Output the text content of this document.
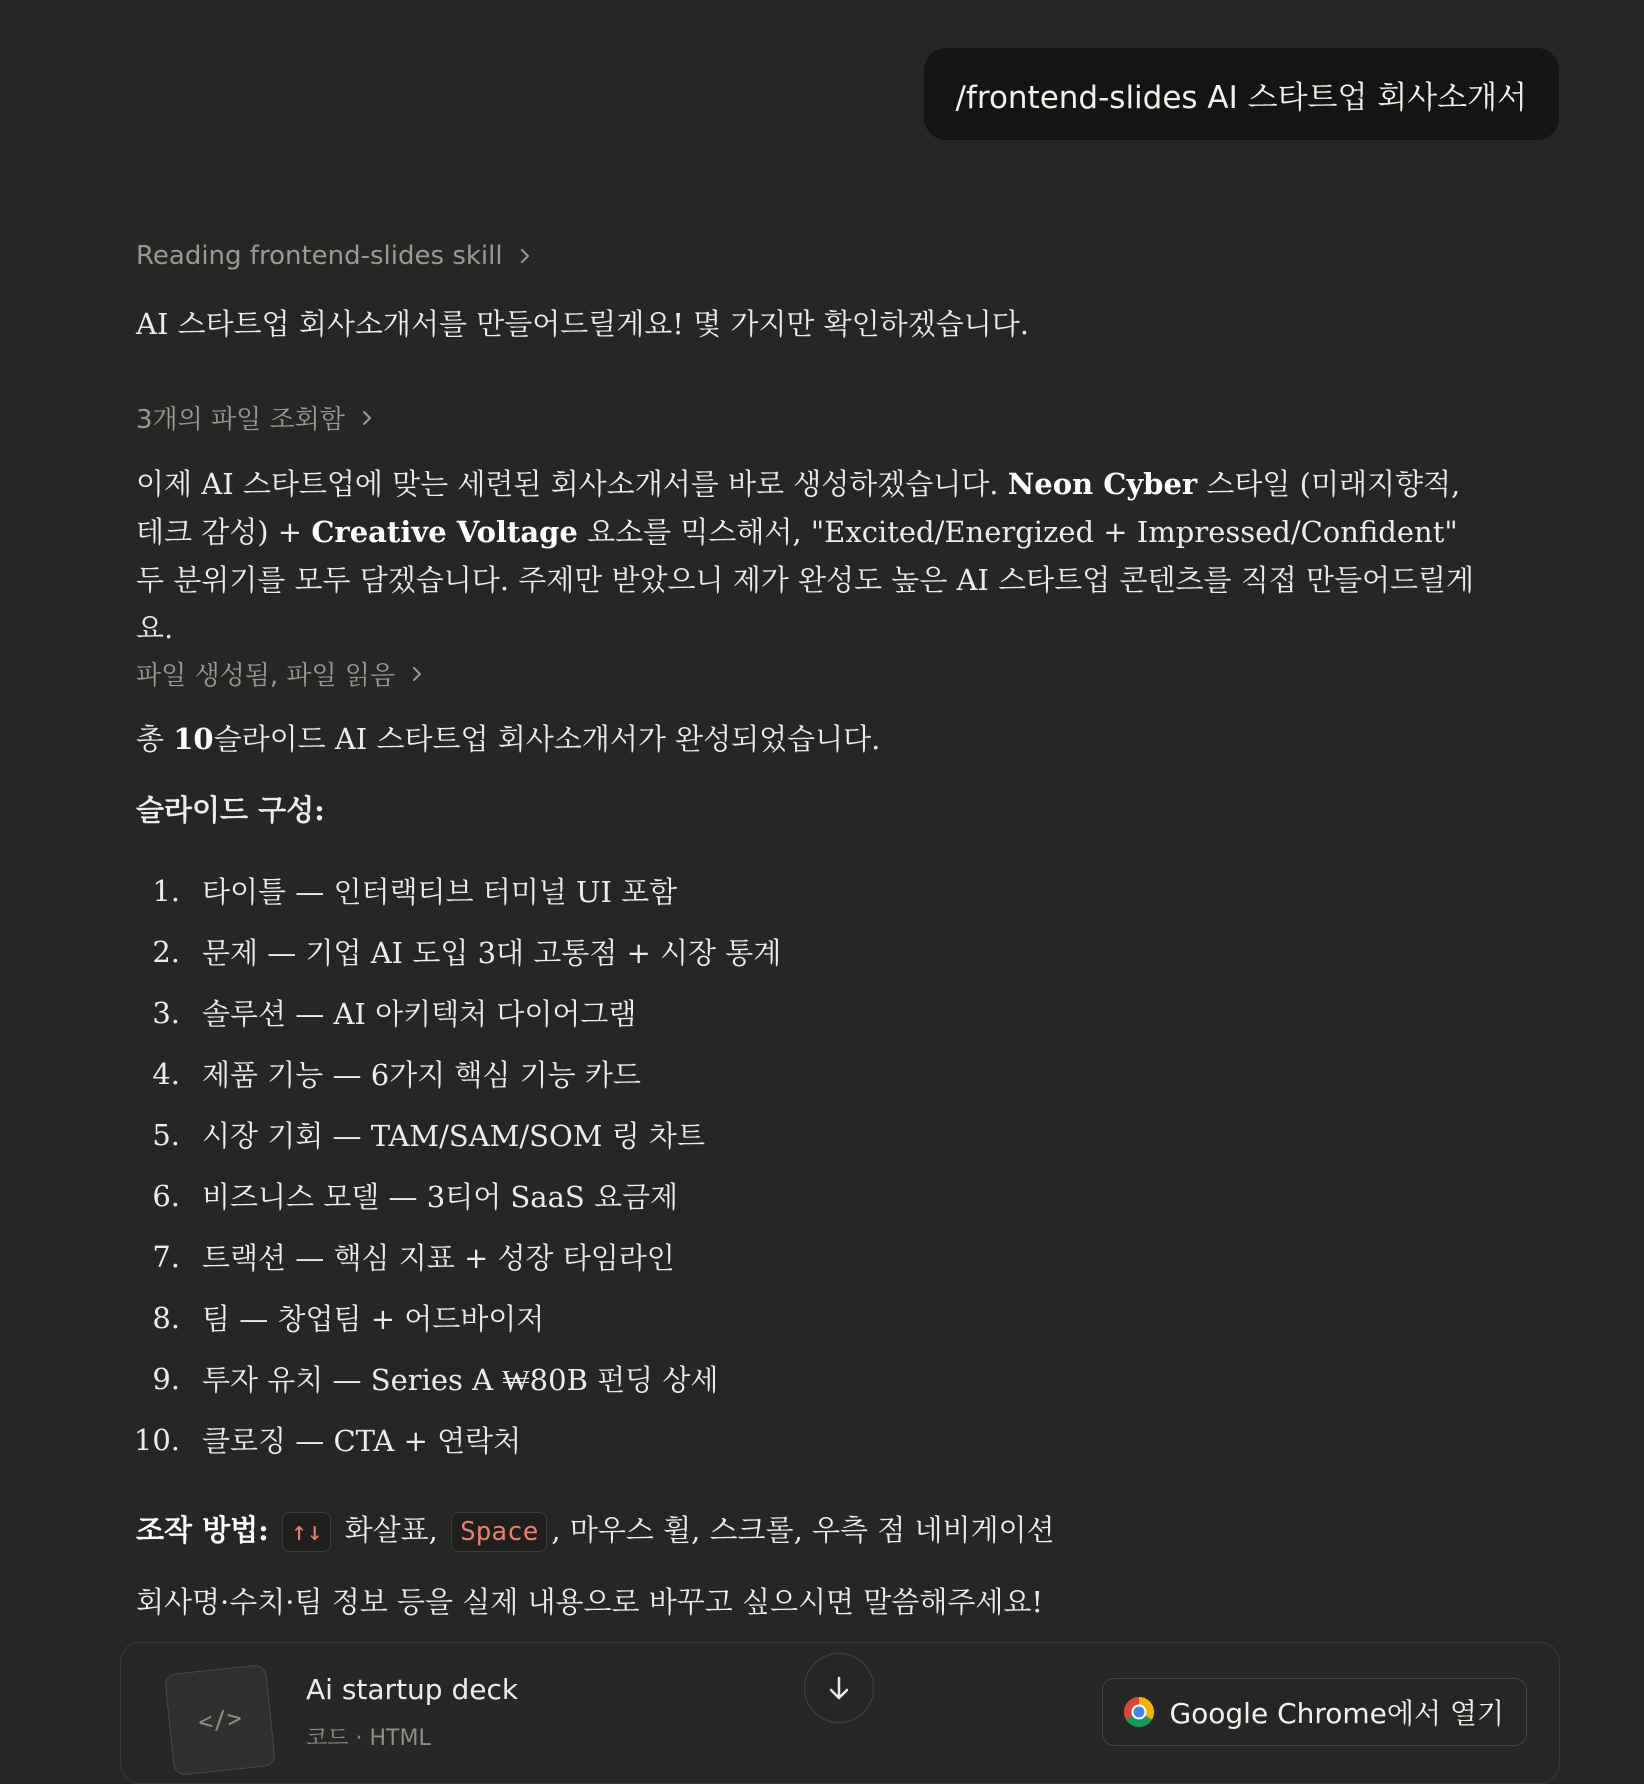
/frontend-slides AI 스타트업 회사소개서
Reading frontend-slides skill
AI 스타트업 회사소개서를 만들어드릴게요! 몇 가지만 확인하겠습니다.
3개의 파일 조회함
이제 AI 스타트업에 맞는 세련된 회사소개서를 바로 생성하겠습니다. Neon Cyber 스타일 (미래지향적, 테크 감성) + Creative Voltage 요소를 믹스해서, "Excited/Energized + Impressed/Confident" 두 분위기를 모두 담겠습니다. 주제만 받았으니 제가 완성도 높은 AI 스타트업 콘텐츠를 직접 만들어드릴게요.
파일 생성됨, 파일 읽음
총 10슬라이드 AI 스타트업 회사소개서가 완성되었습니다.
슬라이드 구성:
1. 타이틀 — 인터랙티브 터미널 UI 포함
2. 문제 — 기업 AI 도입 3대 고통점 + 시장 통계
3. 솔루션 — AI 아키텍처 다이어그램
4. 제품 기능 — 6가지 핵심 기능 카드
5. 시장 기회 — TAM/SAM/SOM 링 차트
6. 비즈니스 모델 — 3티어 SaaS 요금제
7. 트랙션 — 핵심 지표 + 성장 타임라인
8. 팀 — 창업팀 + 어드바이저
9. 투자 유치 — Series A ₩80B 펀딩 상세
10. 클로징 — CTA + 연락처
조작 방법: ↑↓ 화살표, Space , 마우스 휠, 스크롤, 우측 점 네비게이션
회사명·수치·팀 정보 등을 실제 내용으로 바꾸고 싶으시면 말씀해주세요!
</>
Ai startup deck
코드 · HTML
Google Chrome에서 열기
